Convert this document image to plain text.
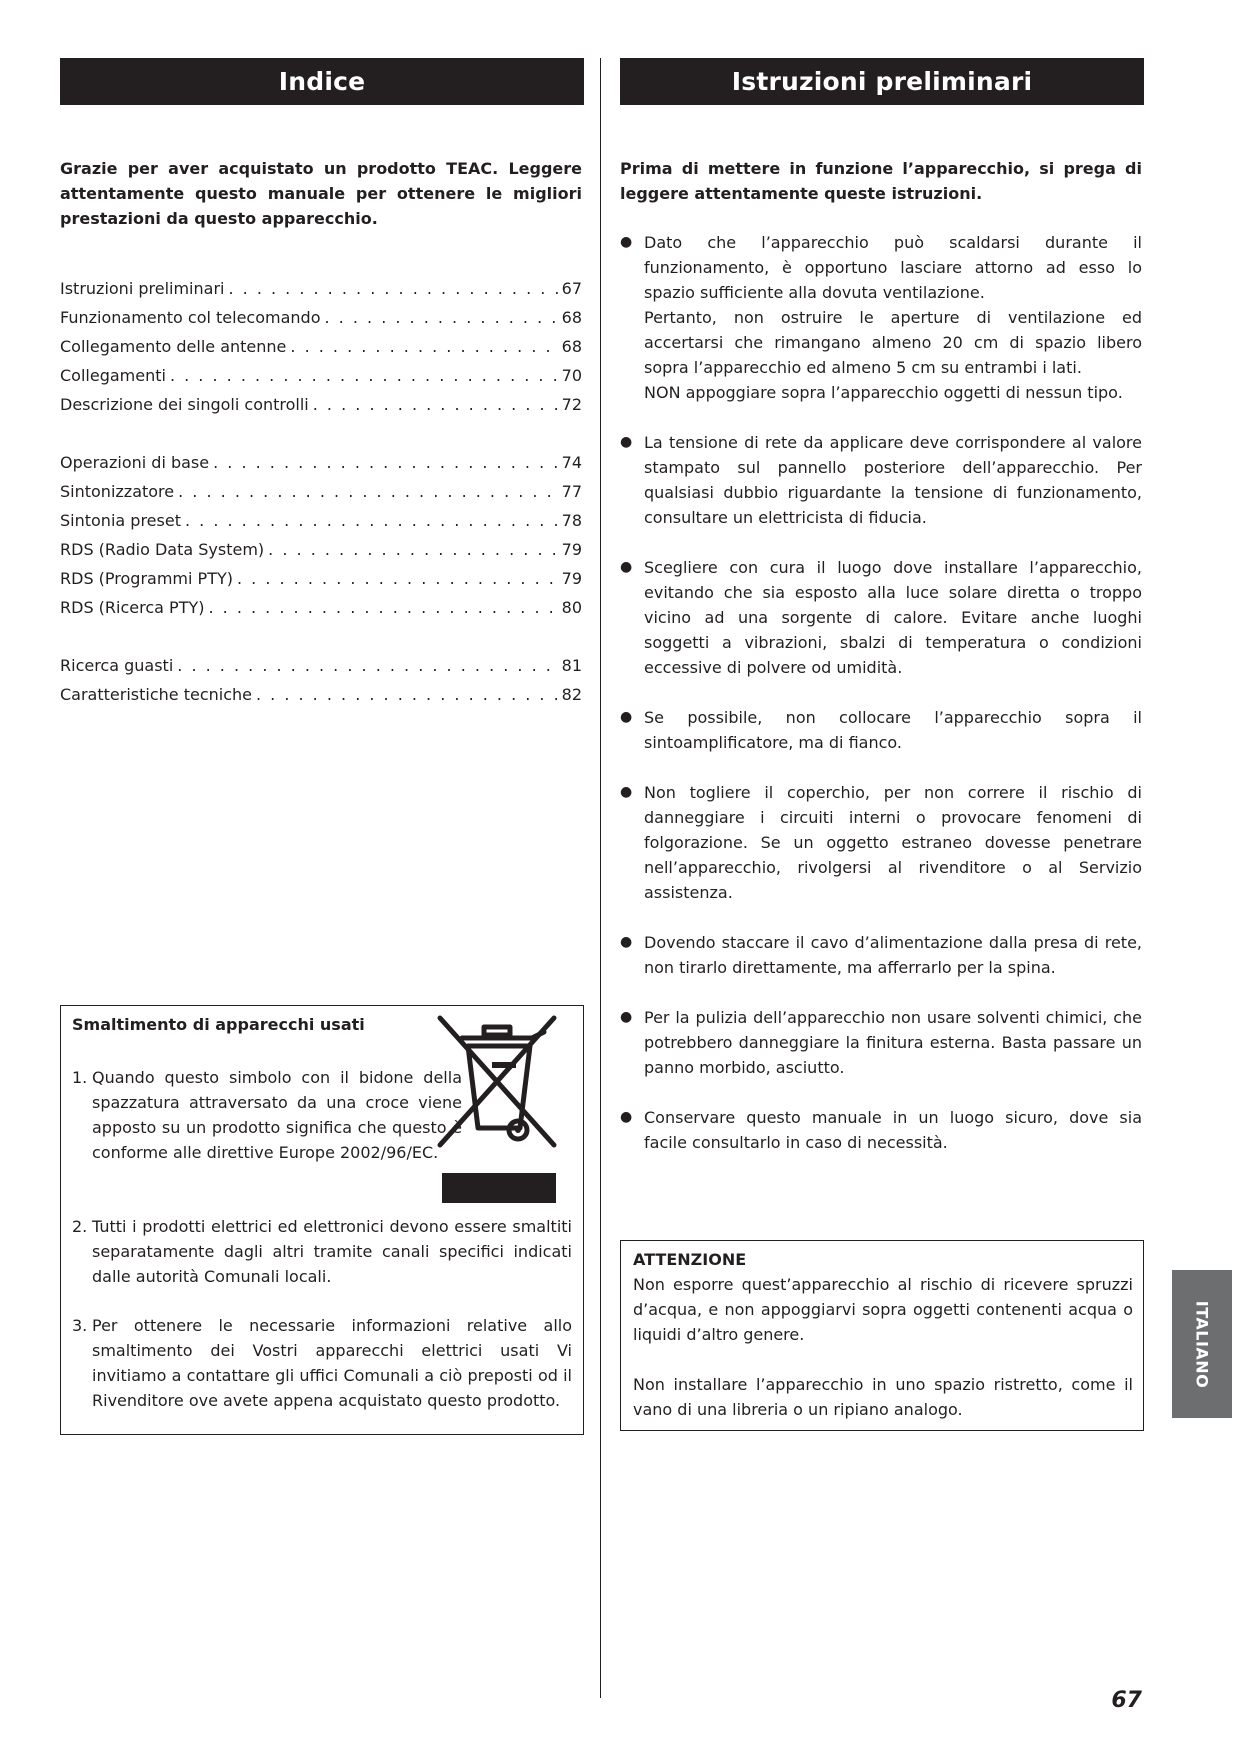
Indice

Grazie per aver acquistato un prodotto TEAC. Leggere attentamente questo manuale per ottenere le migliori prestazioni da questo apparecchio.

Istruzioni preliminari . . .	67
Funzionamento col telecomando . . .	68
Collegamento delle antenne . . .	68
Collegamenti . . .	70
Descrizione dei singoli controlli . . .	72
Operazioni di base . . .	74
Sintonizzatore . . .	77
Sintonia preset . . .	78
RDS (Radio Data System) . . .	79
RDS (Programmi PTY) . . .	79
RDS (Ricerca PTY) . . .	80
Ricerca guasti . . .	81
Caratteristiche tecniche . . .	82

Smaltimento di apparecchi usati

1. Quando questo simbolo con il bidone della spazzatura attraversato da una croce viene apposto su un prodotto significa che questo è conforme alle direttive Europe 2002/96/EC.
2. Tutti i prodotti elettrici ed elettronici devono essere smaltiti separatamente dagli altri tramite canali specifici indicati dalle autorità Comunali locali.
3. Per ottenere le necessarie informazioni relative allo smaltimento dei Vostri apparecchi elettrici usati Vi invitiamo a contattare gli uffici Comunali a ciò preposti od il Rivenditore ove avete appena acquistato questo prodotto.
Istruzioni preliminari

Prima di mettere in funzione l’apparecchio, si prega di leggere attentamente queste istruzioni.

● Dato che l’apparecchio può scaldarsi durante il funzionamento, è opportuno lasciare attorno ad esso lo spazio sufficiente alla dovuta ventilazione.
Pertanto, non ostruire le aperture di ventilazione ed accertarsi che rimangano almeno 20 cm di spazio libero sopra l’apparecchio ed almeno 5 cm su entrambi i lati.
NON appoggiare sopra l’apparecchio oggetti di nessun tipo.
● La tensione di rete da applicare deve corrispondere al valore stampato sul pannello posteriore dell’apparecchio. Per qualsiasi dubbio riguardante la tensione di funzionamento, consultare un elettricista di fiducia.
● Scegliere con cura il luogo dove installare l’apparecchio, evitando che sia esposto alla luce solare diretta o troppo vicino ad una sorgente di calore. Evitare anche luoghi soggetti a vibrazioni, sbalzi di temperatura o condizioni eccessive di polvere od umidità.
● Se possibile, non collocare l’apparecchio sopra il sintoamplificatore, ma di fianco.
● Non togliere il coperchio, per non correre il rischio di danneggiare i circuiti interni o provocare fenomeni di folgorazione. Se un oggetto estraneo dovesse penetrare nell’apparecchio, rivolgersi al rivenditore o al Servizio assistenza.
● Dovendo staccare il cavo d’alimentazione dalla presa di rete, non tirarlo direttamente, ma afferrarlo per la spina.
● Per la pulizia dell’apparecchio non usare solventi chimici, che potrebbero danneggiare la finitura esterna. Basta passare un panno morbido, asciutto.
● Conservare questo manuale in un luogo sicuro, dove sia facile consultarlo in caso di necessità.

ATTENZIONE

Non esporre quest’apparecchio al rischio di ricevere spruzzi d’acqua, e non appoggiarvi sopra oggetti contenenti acqua o liquidi d’altro genere.

Non installare l’apparecchio in uno spazio ristretto, come il vano di una libreria o un ripiano analogo.

ITALIANO
67
